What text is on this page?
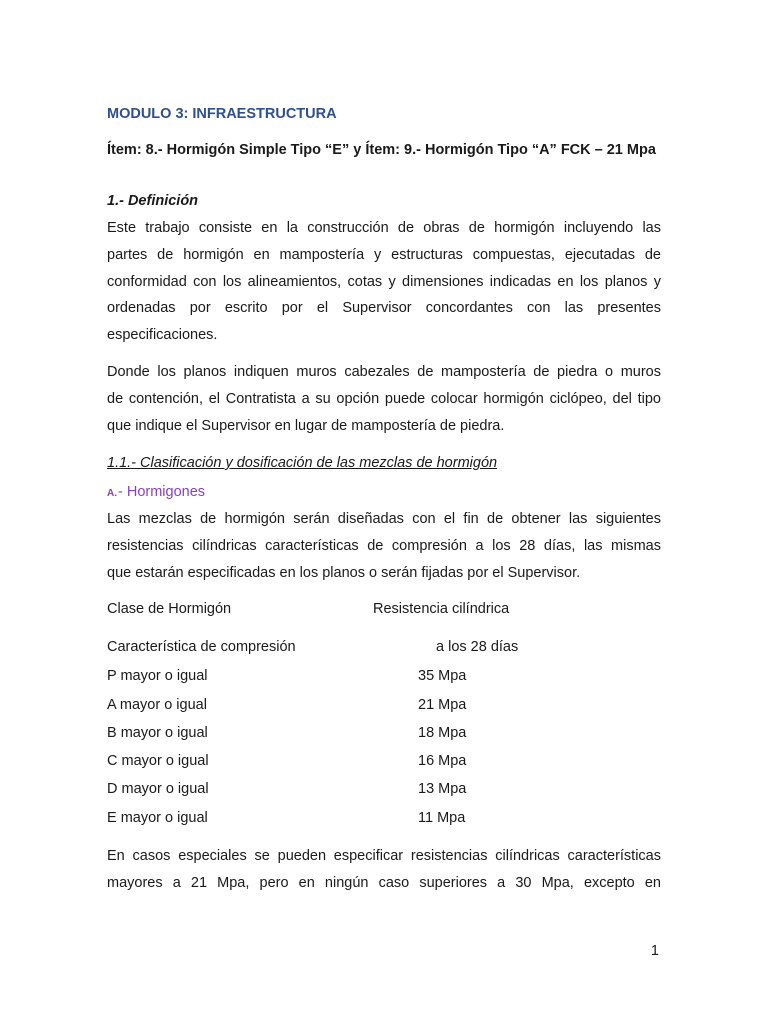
MODULO 3: INFRAESTRUCTURA
Ítem: 8.- Hormigón Simple Tipo “E” y Ítem: 9.- Hormigón Tipo “A” FCK – 21 Mpa
1.- Definición
Este trabajo consiste en la construcción de obras de hormigón incluyendo las
partes de hormigón en mampostería y estructuras compuestas, ejecutadas de
conformidad con los alineamientos, cotas y dimensiones indicadas en los planos y
ordenadas por escrito por el Supervisor concordantes con las presentes
especificaciones.
Donde los planos indiquen muros cabezales de mampostería de piedra o muros
de contención, el Contratista a su opción puede colocar hormigón ciclópeo, del tipo
que indique el Supervisor en lugar de mampostería de piedra.
1.1.- Clasificación y dosificación de las mezclas de hormigón
A.- Hormigones
Las mezclas de hormigón serán diseñadas con el fin de obtener las siguientes
resistencias cilíndricas características de compresión a los 28 días, las mismas
que estarán especificadas en los planos o serán fijadas por el Supervisor.
Clase de Hormigón	Resistencia cilíndrica
Característica de compresión	a los 28 días
P mayor o igual	35 Mpa
A mayor o igual	21 Mpa
B mayor o igual	18 Mpa
C mayor o igual	16 Mpa
D mayor o igual	13 Mpa
E mayor o igual	11 Mpa
En casos especiales se pueden especificar resistencias cilíndricas características
mayores a 21 Mpa, pero en ningún caso superiores a 30 Mpa, excepto en
1
